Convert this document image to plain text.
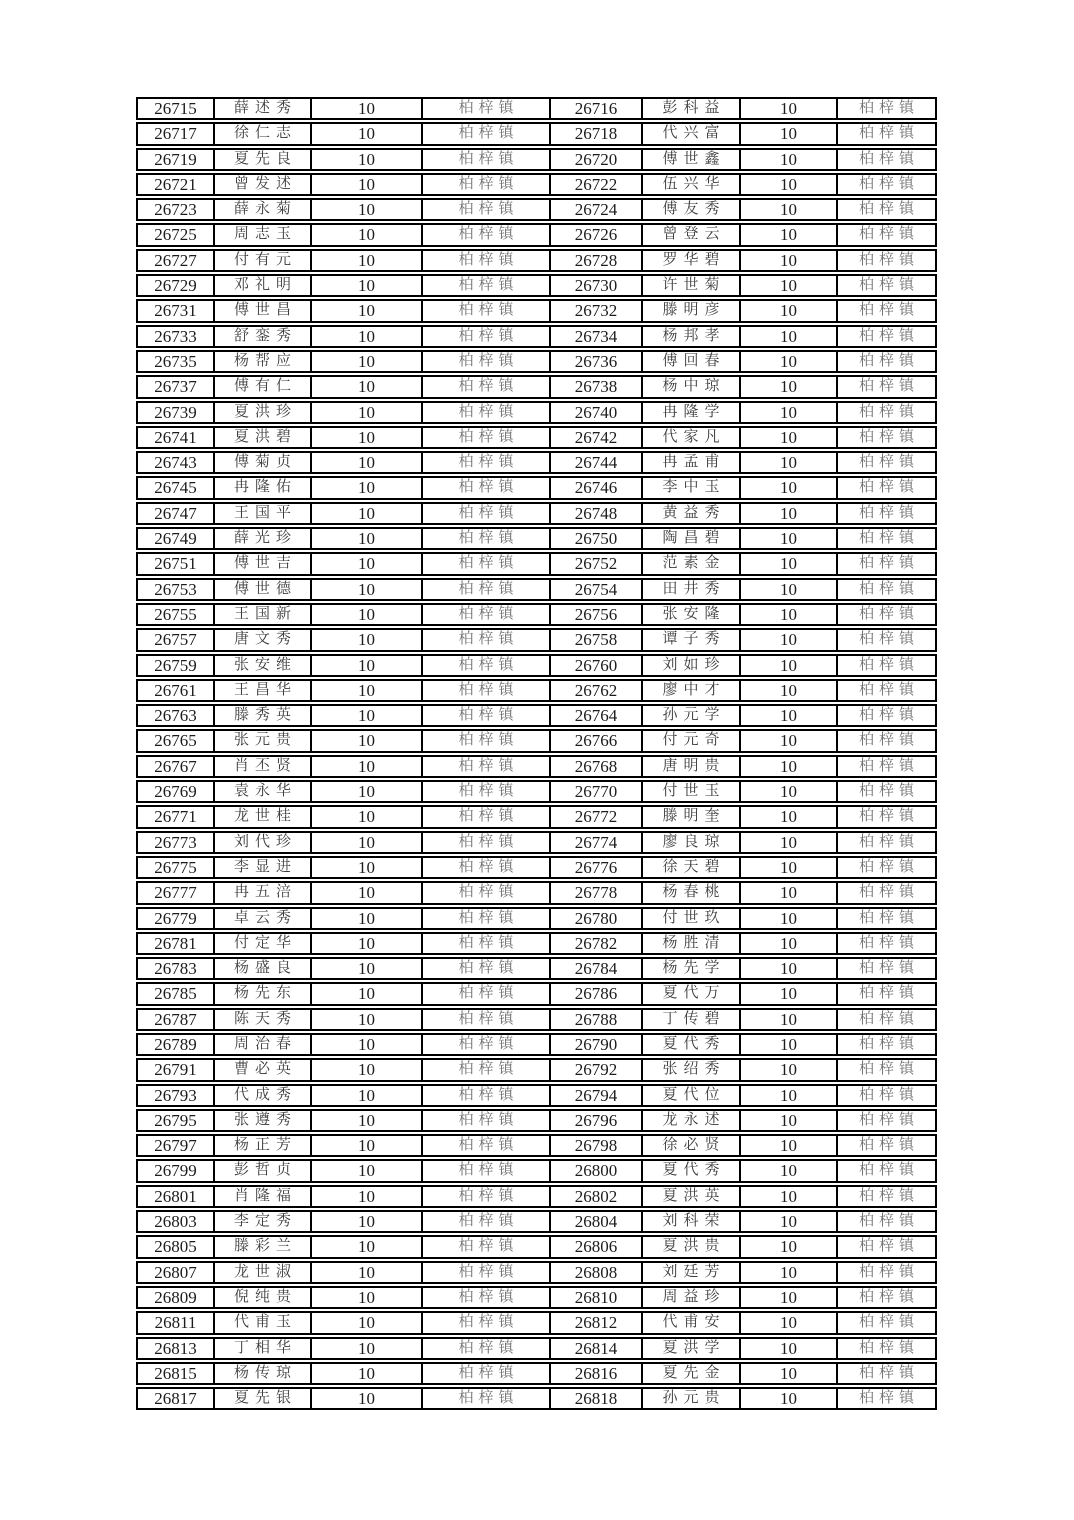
26715	薛述秀	10	柏梓镇	26716	彭科益	10	柏梓镇
26717	徐仁志	10	柏梓镇	26718	代兴富	10	柏梓镇
26719	夏先良	10	柏梓镇	26720	傅世鑫	10	柏梓镇
26721	曾发述	10	柏梓镇	26722	伍兴华	10	柏梓镇
26723	薛永菊	10	柏梓镇	26724	傅友秀	10	柏梓镇
26725	周志玉	10	柏梓镇	26726	曾登云	10	柏梓镇
26727	付有元	10	柏梓镇	26728	罗华碧	10	柏梓镇
26729	邓礼明	10	柏梓镇	26730	许世菊	10	柏梓镇
26731	傅世昌	10	柏梓镇	26732	滕明彦	10	柏梓镇
26733	舒銮秀	10	柏梓镇	26734	杨邦孝	10	柏梓镇
26735	杨帮应	10	柏梓镇	26736	傅回春	10	柏梓镇
26737	傅有仁	10	柏梓镇	26738	杨中琼	10	柏梓镇
26739	夏洪珍	10	柏梓镇	26740	冉隆学	10	柏梓镇
26741	夏洪碧	10	柏梓镇	26742	代家凡	10	柏梓镇
26743	傅菊贞	10	柏梓镇	26744	冉孟甫	10	柏梓镇
26745	冉隆佑	10	柏梓镇	26746	李中玉	10	柏梓镇
26747	王国平	10	柏梓镇	26748	黄益秀	10	柏梓镇
26749	薛光珍	10	柏梓镇	26750	陶昌碧	10	柏梓镇
26751	傅世吉	10	柏梓镇	26752	范素金	10	柏梓镇
26753	傅世德	10	柏梓镇	26754	田井秀	10	柏梓镇
26755	王国新	10	柏梓镇	26756	张安隆	10	柏梓镇
26757	唐文秀	10	柏梓镇	26758	谭子秀	10	柏梓镇
26759	张安维	10	柏梓镇	26760	刘如珍	10	柏梓镇
26761	王昌华	10	柏梓镇	26762	廖中才	10	柏梓镇
26763	滕秀英	10	柏梓镇	26764	孙元学	10	柏梓镇
26765	张元贵	10	柏梓镇	26766	付元奇	10	柏梓镇
26767	肖丕贤	10	柏梓镇	26768	唐明贵	10	柏梓镇
26769	袁永华	10	柏梓镇	26770	付世玉	10	柏梓镇
26771	龙世桂	10	柏梓镇	26772	滕明奎	10	柏梓镇
26773	刘代珍	10	柏梓镇	26774	廖良琼	10	柏梓镇
26775	李显进	10	柏梓镇	26776	徐天碧	10	柏梓镇
26777	冉五涪	10	柏梓镇	26778	杨春桃	10	柏梓镇
26779	卓云秀	10	柏梓镇	26780	付世玖	10	柏梓镇
26781	付定华	10	柏梓镇	26782	杨胜清	10	柏梓镇
26783	杨盛良	10	柏梓镇	26784	杨先学	10	柏梓镇
26785	杨先东	10	柏梓镇	26786	夏代万	10	柏梓镇
26787	陈天秀	10	柏梓镇	26788	丁传碧	10	柏梓镇
26789	周治春	10	柏梓镇	26790	夏代秀	10	柏梓镇
26791	曹必英	10	柏梓镇	26792	张绍秀	10	柏梓镇
26793	代成秀	10	柏梓镇	26794	夏代位	10	柏梓镇
26795	张遵秀	10	柏梓镇	26796	龙永述	10	柏梓镇
26797	杨正芳	10	柏梓镇	26798	徐必贤	10	柏梓镇
26799	彭哲贞	10	柏梓镇	26800	夏代秀	10	柏梓镇
26801	肖隆福	10	柏梓镇	26802	夏洪英	10	柏梓镇
26803	李定秀	10	柏梓镇	26804	刘科荣	10	柏梓镇
26805	滕彩兰	10	柏梓镇	26806	夏洪贵	10	柏梓镇
26807	龙世淑	10	柏梓镇	26808	刘廷芳	10	柏梓镇
26809	倪纯贵	10	柏梓镇	26810	周益珍	10	柏梓镇
26811	代甫玉	10	柏梓镇	26812	代甫安	10	柏梓镇
26813	丁相华	10	柏梓镇	26814	夏洪学	10	柏梓镇
26815	杨传琼	10	柏梓镇	26816	夏先金	10	柏梓镇
26817	夏先银	10	柏梓镇	26818	孙元贵	10	柏梓镇
